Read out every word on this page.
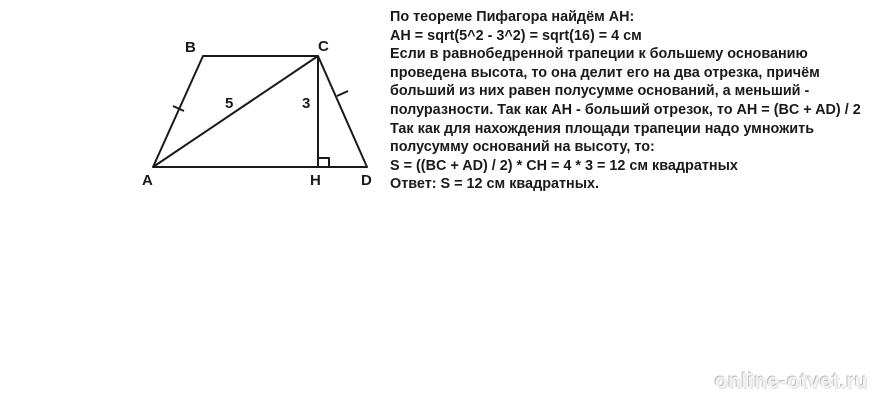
B	C
A	H	D
5	3
По теореме Пифагора найдём AH:
AH = sqrt(5^2 - 3^2) = sqrt(16) = 4 см
Если в равнобедренной трапеции к большему основанию
проведена высота, то она делит его на два отрезка, причём
больший из них равен полусумме оснований, а меньший -
полуразности. Так как AH - больший отрезок, то AH = (BC + AD) / 2
Так как для нахождения площади трапеции надо умножить
полусумму оснований на высоту, то:
S = ((BC + AD) / 2) * CH = 4 * 3 = 12 см квадратных
Ответ: S = 12 см квадратных.
online-otvet.ru
